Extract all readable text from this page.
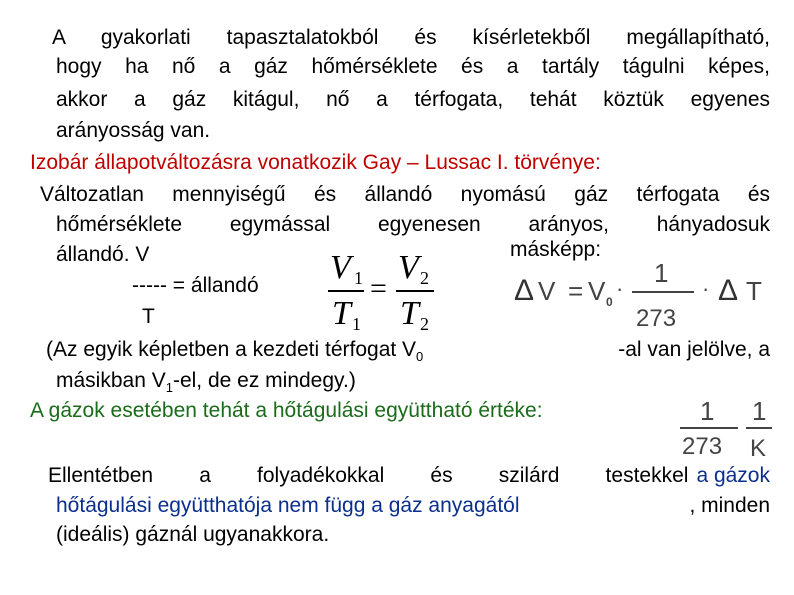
A gyakorlati tapasztalatokból és kísérletekből megállapítható,
hogy ha nő a gáz hőmérséklete és a tartály tágulni képes,
akkor a gáz kitágul, nő a térfogata, tehát köztük egyenes
arányosság van.
Izobár állapotváltozásra vonatkozik Gay – Lussac I. törvénye:
Változatlan mennyiségű és állandó nyomású gáz térfogata és
hőmérséklete egymással egyenesen arányos, hányadosuk
állandó. V	másképp:
----- = állandó
T
V 1
T 1
=
V 2
T 2
Δ V = V 0
·
1
273
· Δ T
(Az egyik képletben a kezdeti térfogat $V_0$	-al van jelölve, a
másikban $V_1-el$, de ez mindegy.)
A gázok esetében tehát a hőtágulási együttható értéke:	1
273
1
K
Ellentétben a folyadékokkal és szilárd testekkel a gázok
hőtágulási együtthatója nem függ a gáz anyagától	, minden
(ideális) gáznál ugyanakkora.
